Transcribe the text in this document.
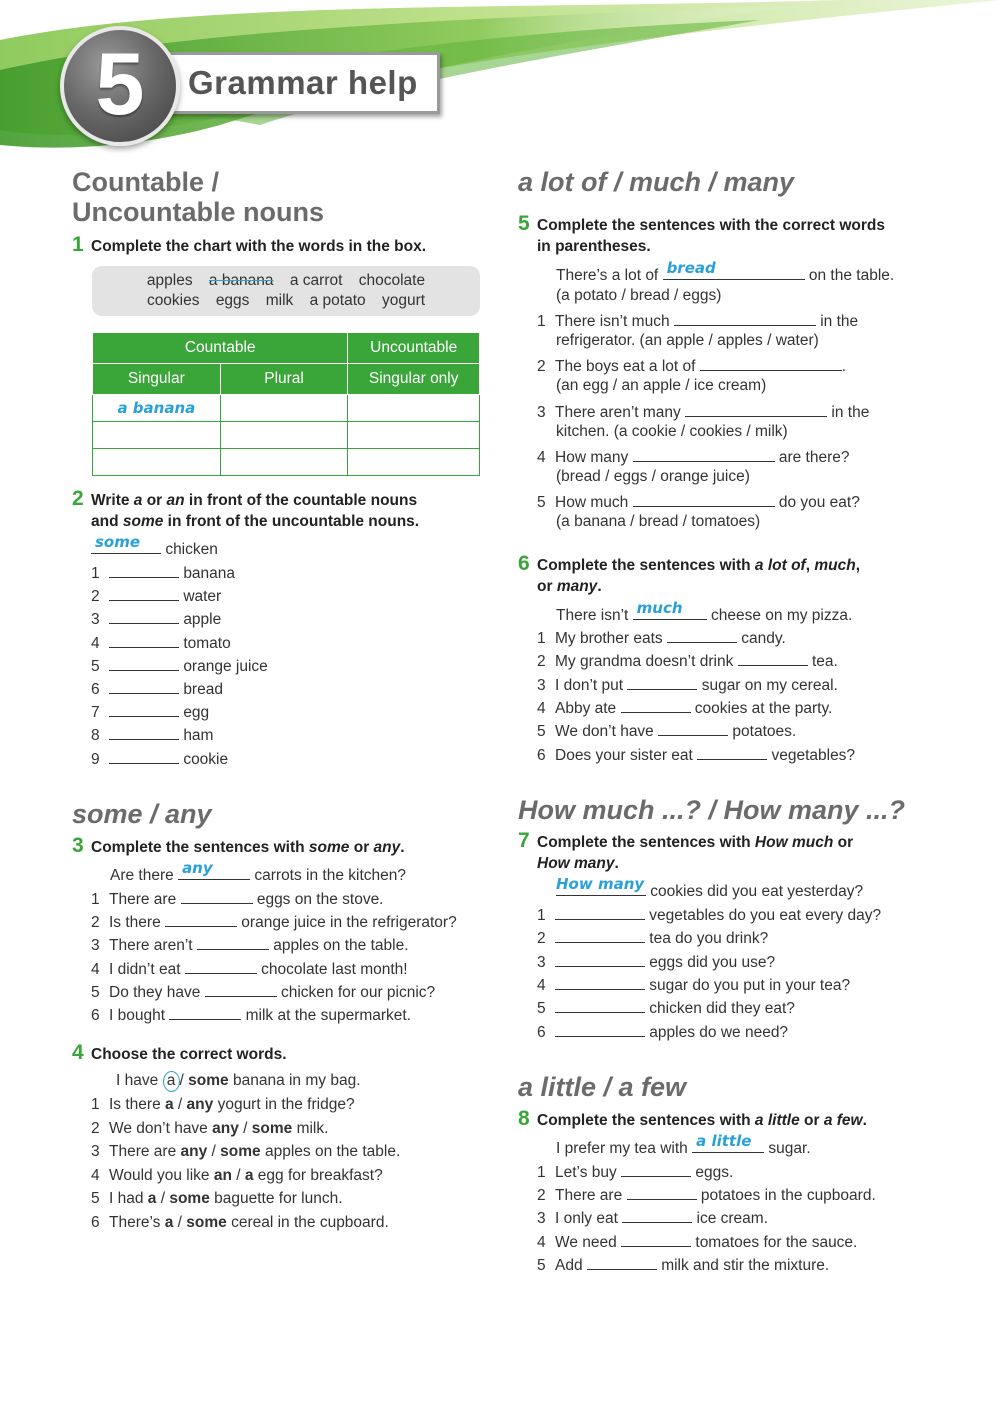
Grammar help
5
Countable /
Uncountable nouns
1 Complete the chart with the words in the box.
apples a banana a carrot chocolate
cookies eggs milk a potato yogurt
Countable		Uncountable
Singular	Plural	Singular only
a banana		

2 Write a or an in front of the countable nouns
and some in front of the uncountable nouns.
some chicken
1	banana
2	water
3	apple
4	tomato
5	orange juice
6	bread
7	egg
8	ham
9	cookie
some / any
3 Complete the sentences with some or any.
Are there any carrots in the kitchen?
1 There are	eggs on the stove.
2 Is there	orange juice in the refrigerator?
3 There aren’t	apples on the table.
4 I didn’t eat	chocolate last month!
5 Do they have	chicken for our picnic?
6 I bought	milk at the supermarket.
4 Choose the correct words.
I have a / some banana in my bag.
1 Is there a / any yogurt in the fridge?
2 We don’t have any / some milk.
3 There are any / some apples on the table.
4 Would you like an / a egg for breakfast?
5 I had a / some baguette for lunch.
6 There’s a / some cereal in the cupboard.
a lot of / much / many
5 Complete the sentences with the correct words
in parentheses.
There’s a lot of bread	on the table.
(a potato / bread / eggs)
1 There isn’t much	in the
refrigerator. (an apple / apples / water)
2 The boys eat a lot of	.
(an egg / an apple / ice cream)
3 There aren’t many	in the
kitchen. (a cookie / cookies / milk)
4 How many	are there?
(bread / eggs / orange juice)
5 How much	do you eat?
(a banana / bread / tomatoes)
6 Complete the sentences with a lot of, much,
or many.
There isn’t much cheese on my pizza.
1 My brother eats	candy.
2 My grandma doesn’t drink	tea.
3 I don’t put	sugar on my cereal.
4 Abby ate	cookies at the party.
5 We don’t have	potatoes.
6 Does your sister eat	vegetables?
How much ...? / How many ...?
7 Complete the sentences with How much or
How many.
How many cookies did you eat yesterday?
1	vegetables do you eat every day?
2	tea do you drink?
3	eggs did you use?
4	sugar do you put in your tea?
5	chicken did they eat?
6	apples do we need?
a little / a few
8 Complete the sentences with a little or a few.
I prefer my tea with a little sugar.
1 Let’s buy	eggs.
2 There are	potatoes in the cupboard.
3 I only eat	ice cream.
4 We need	tomatoes for the sauce.
5 Add	milk and stir the mixture.
